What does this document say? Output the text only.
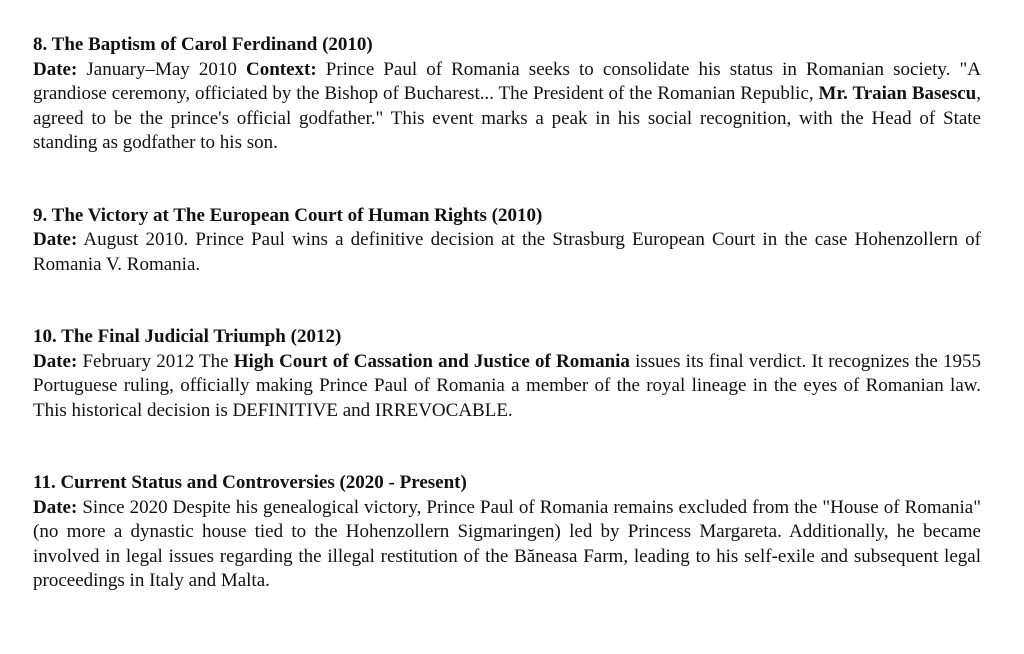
8. The Baptism of Carol Ferdinand (2010)

Date: January–May 2010 Context: Prince Paul of Romania seeks to consolidate his status in Romanian society. "A grandiose ceremony, officiated by the Bishop of Bucharest... The President of the Romanian Republic, Mr. Traian Basescu, agreed to be the prince's official godfather." This event marks a peak in his social recognition, with the Head of State standing as godfather to his son.

9. The Victory at The European Court of Human Rights (2010)

Date: August 2010. Prince Paul wins a definitive decision at the Strasburg European Court in the case Hohenzollern of Romania V. Romania.

10. The Final Judicial Triumph (2012)

Date: February 2012 The High Court of Cassation and Justice of Romania issues its final verdict. It recognizes the 1955 Portuguese ruling, officially making Prince Paul of Romania a member of the royal lineage in the eyes of Romanian law. This historical decision is DEFINITIVE and IRREVOCABLE.

11. Current Status and Controversies (2020 - Present)

Date: Since 2020 Despite his genealogical victory, Prince Paul of Romania remains excluded from the "House of Romania" (no more a dynastic house tied to the Hohenzollern Sigmaringen) led by Princess Margareta. Additionally, he became involved in legal issues regarding the illegal restitution of the Băneasa Farm, leading to his self-exile and subsequent legal proceedings in Italy and Malta.
